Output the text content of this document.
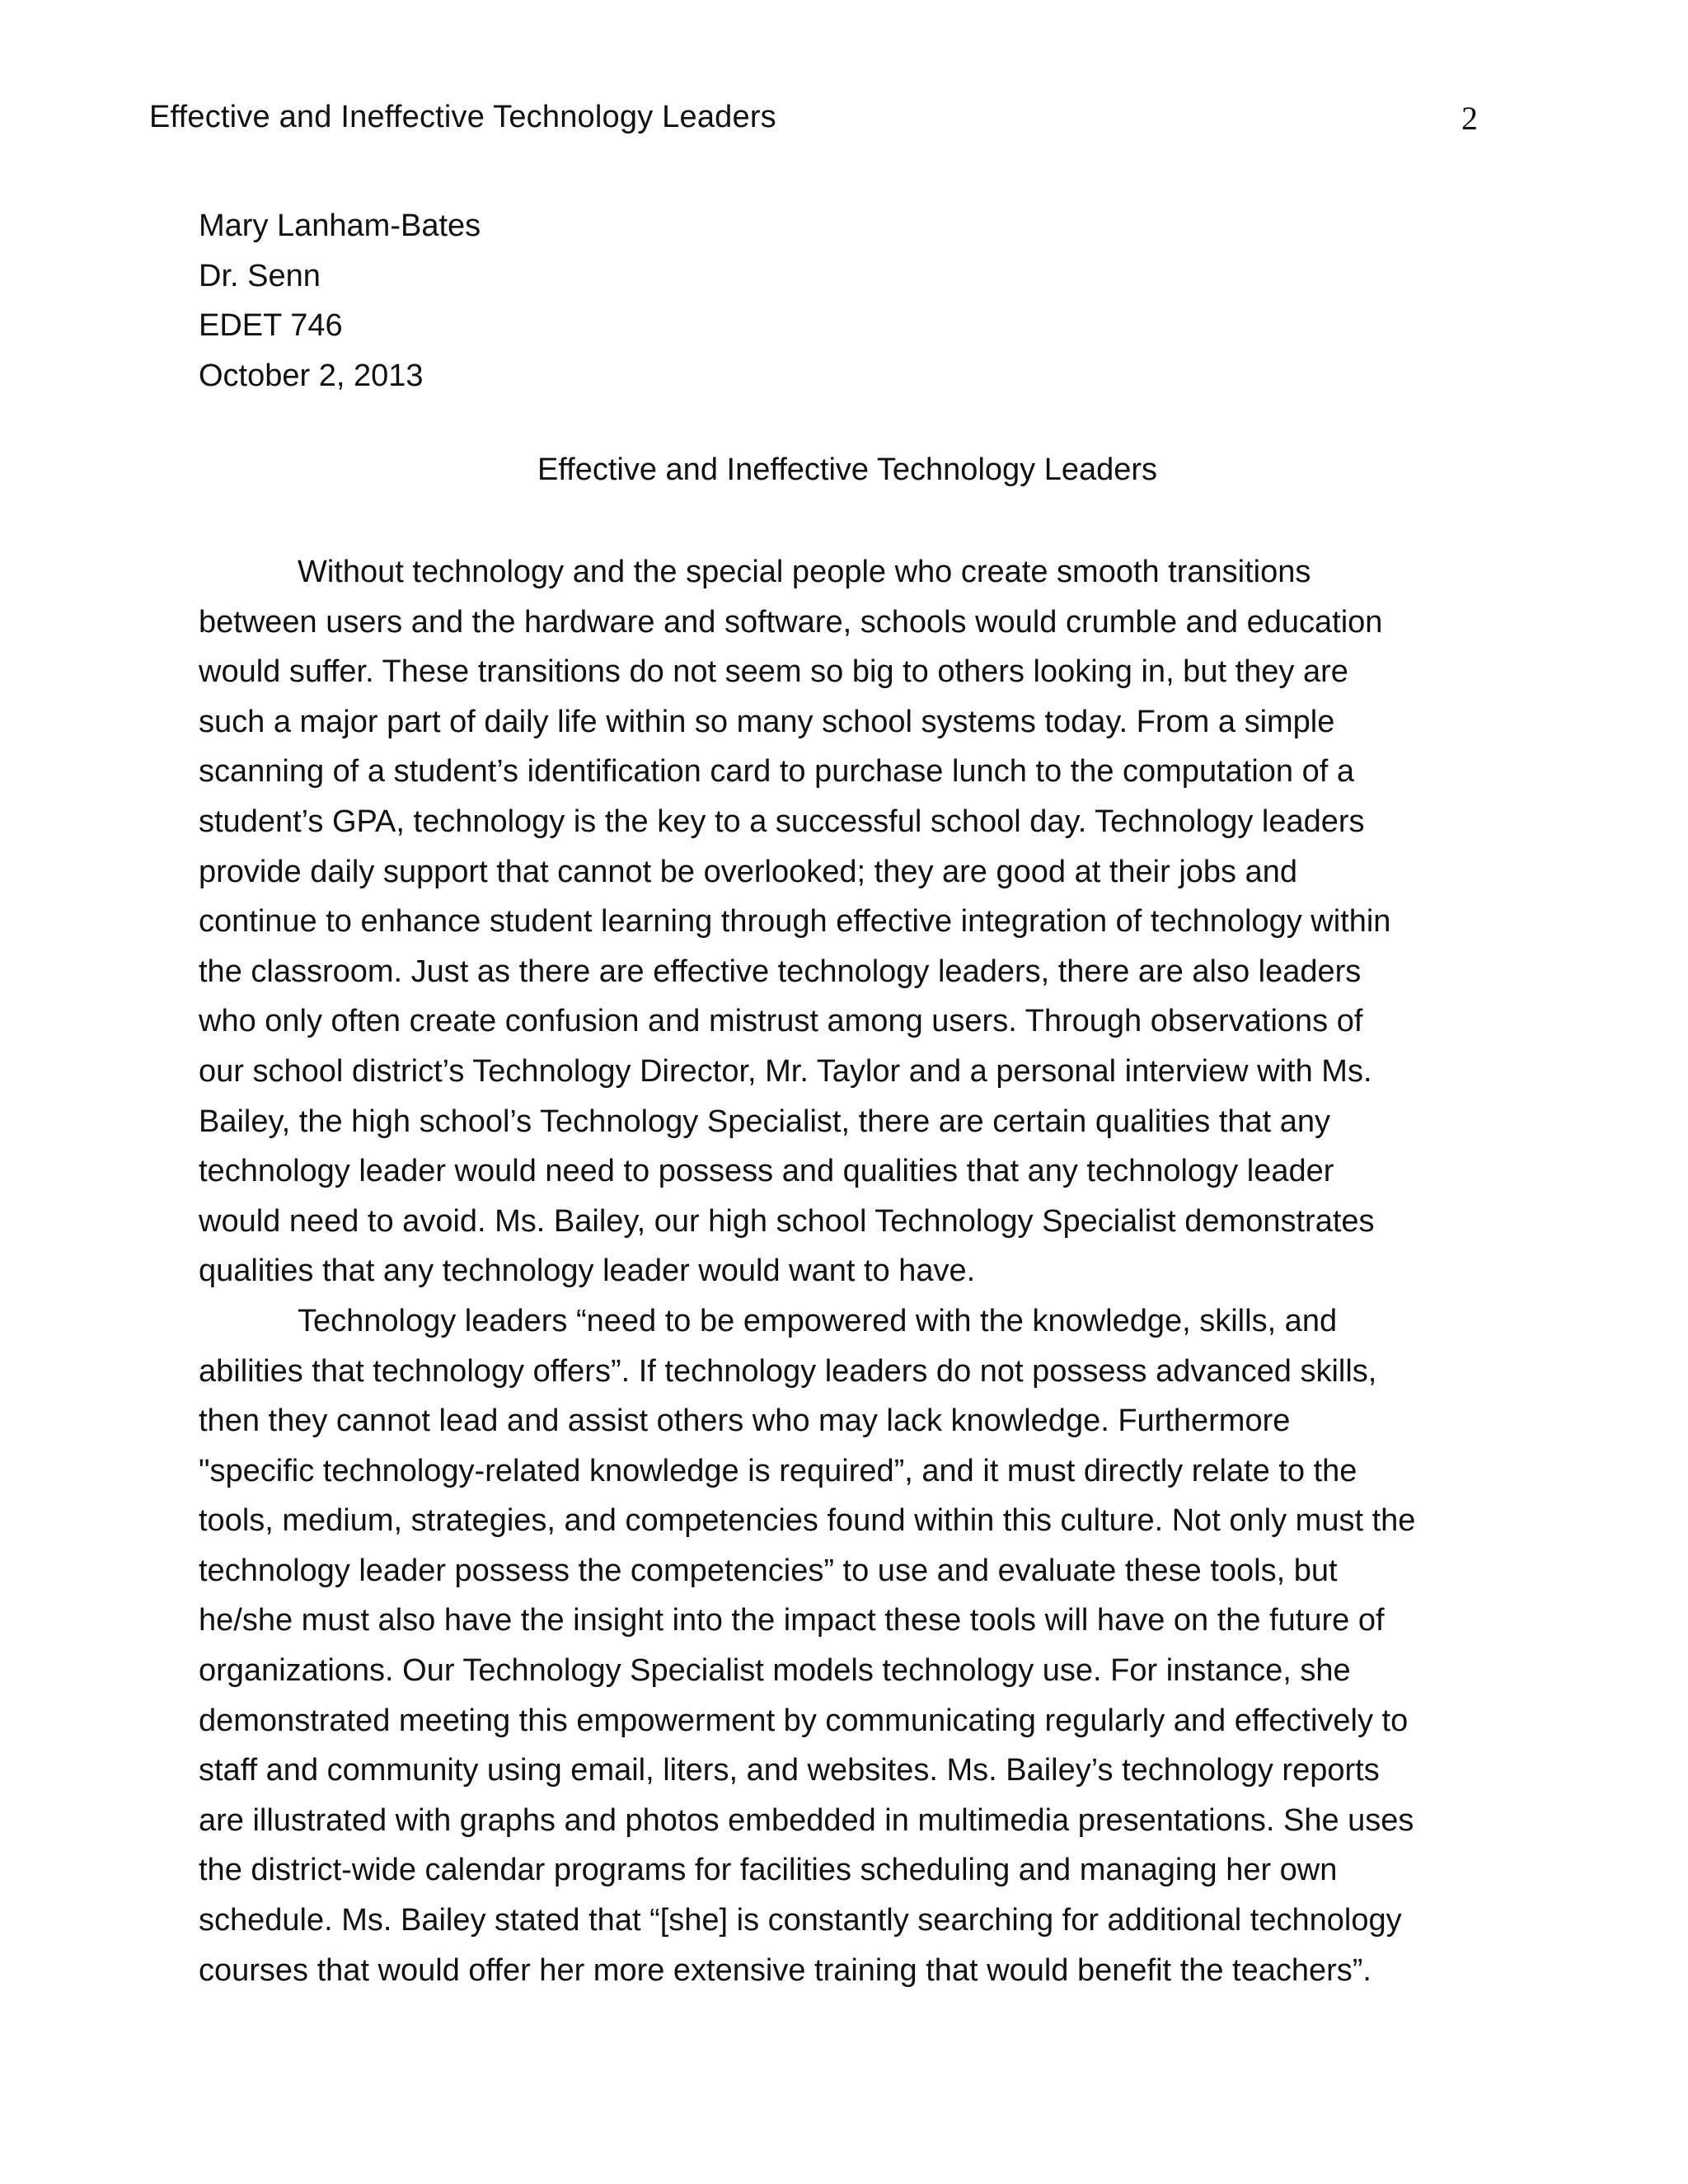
Effective and Ineffective Technology Leaders	2

Mary Lanham-Bates

Dr. Senn

EDET 746

October 2, 2013

Effective and Ineffective Technology Leaders

Without technology and the special people who create smooth transitions

between users and the hardware and software, schools would crumble and education

would suffer. These transitions do not seem so big to others looking in, but they are

such a major part of daily life within so many school systems today. From a simple

scanning of a student’s identification card to purchase lunch to the computation of a

student’s GPA, technology is the key to a successful school day. Technology leaders

provide daily support that cannot be overlooked; they are good at their jobs and

continue to enhance student learning through effective integration of technology within

the classroom. Just as there are effective technology leaders, there are also leaders

who only often create confusion and mistrust among users. Through observations of

our school district’s Technology Director, Mr. Taylor and a personal interview with Ms.

Bailey, the high school’s Technology Specialist, there are certain qualities that any

technology leader would need to possess and qualities that any technology leader

would need to avoid. Ms. Bailey, our high school Technology Specialist demonstrates

qualities that any technology leader would want to have.

Technology leaders “need to be empowered with the knowledge, skills, and

abilities that technology offers”. If technology leaders do not possess advanced skills,

then they cannot lead and assist others who may lack knowledge. Furthermore

"specific technology-related knowledge is required”, and it must directly relate to the

tools, medium, strategies, and competencies found within this culture. Not only must the

technology leader possess the competencies” to use and evaluate these tools, but

he/she must also have the insight into the impact these tools will have on the future of

organizations. Our Technology Specialist models technology use. For instance, she

demonstrated meeting this empowerment by communicating regularly and effectively to

staff and community using email, liters, and websites. Ms. Bailey’s technology reports

are illustrated with graphs and photos embedded in multimedia presentations. She uses

the district-wide calendar programs for facilities scheduling and managing her own

schedule. Ms. Bailey stated that “[she] is constantly searching for additional technology

courses that would offer her more extensive training that would benefit the teachers”.
